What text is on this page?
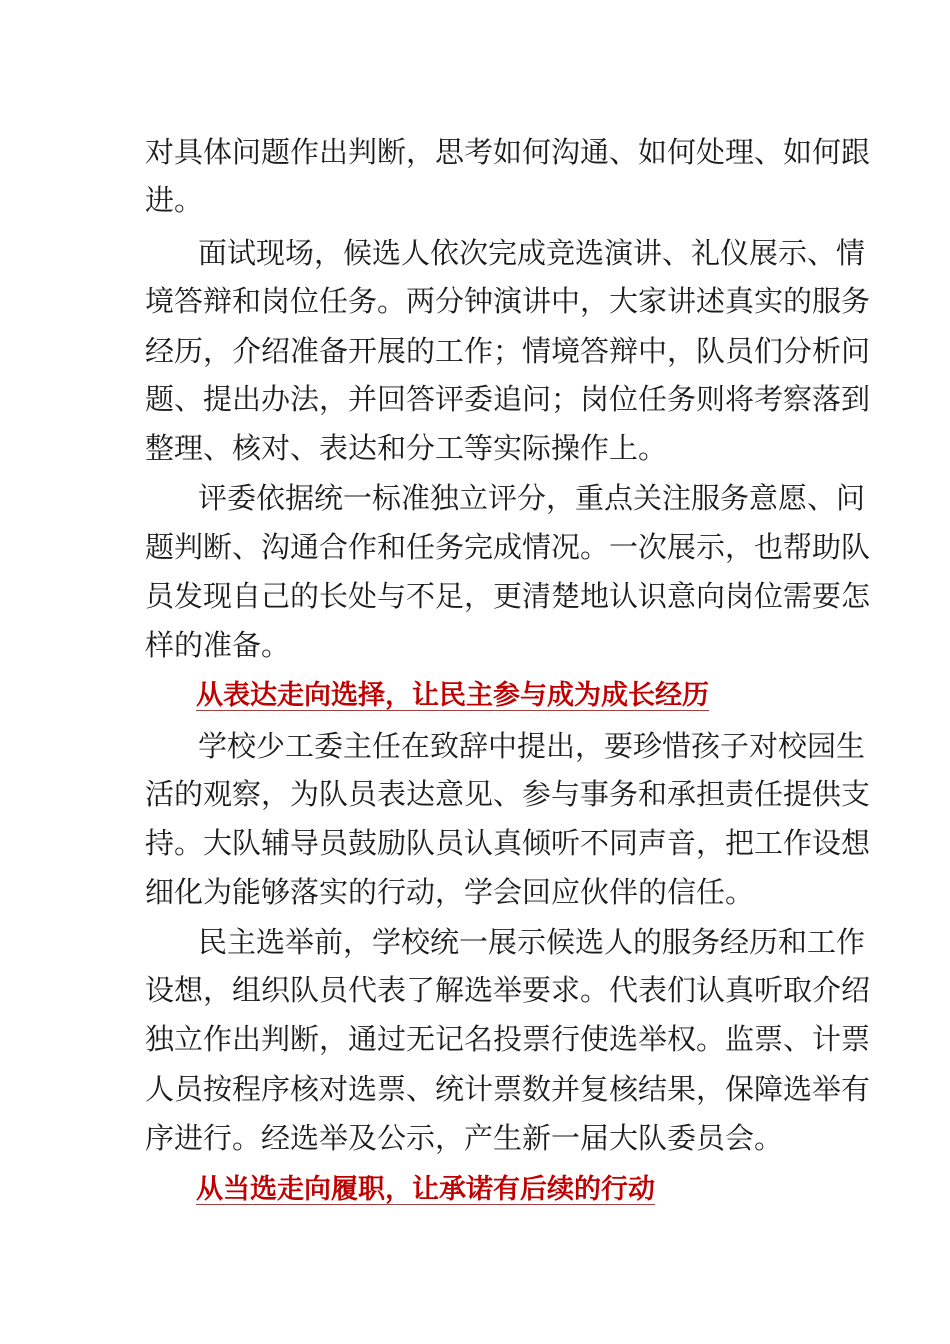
对具体问题作出判断，思考如何沟通、如何处理、如何跟
进。
面试现场，候选人依次完成竞选演讲、礼仪展示、情
境答辩和岗位任务。两分钟演讲中，大家讲述真实的服务
经历，介绍准备开展的工作；情境答辩中，队员们分析问
题、提出办法，并回答评委追问；岗位任务则将考察落到
整理、核对、表达和分工等实际操作上。
评委依据统一标准独立评分，重点关注服务意愿、问
题判断、沟通合作和任务完成情况。一次展示，也帮助队
员发现自己的长处与不足，更清楚地认识意向岗位需要怎
样的准备。
从表达走向选择，让民主参与成为成长经历
学校少工委主任在致辞中提出，要珍惜孩子对校园生
活的观察，为队员表达意见、参与事务和承担责任提供支
持。大队辅导员鼓励队员认真倾听不同声音，把工作设想
细化为能够落实的行动，学会回应伙伴的信任。
民主选举前，学校统一展示候选人的服务经历和工作
设想，组织队员代表了解选举要求。代表们认真听取介绍
独立作出判断，通过无记名投票行使选举权。监票、计票
人员按程序核对选票、统计票数并复核结果，保障选举有
序进行。经选举及公示，产生新一届大队委员会。
从当选走向履职，让承诺有后续的行动
